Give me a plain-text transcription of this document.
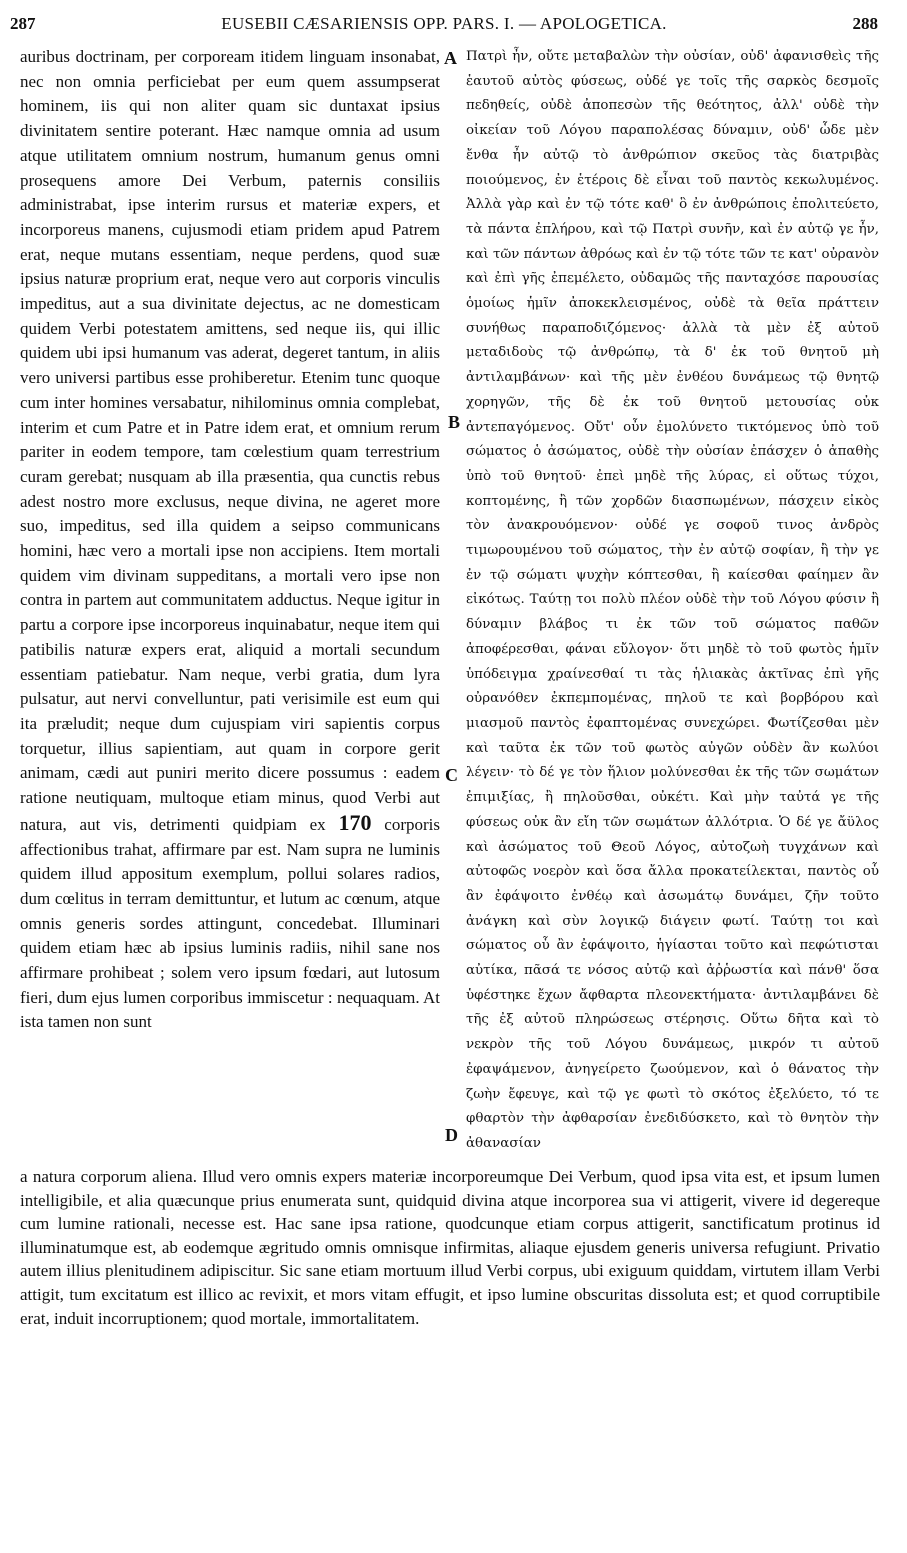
287	EUSEBII CÆSARIENSIS OPP. PARS. I. — APOLOGETICA.	288
auribus doctrinam, per corpoream itidem linguam insonabat, nec non omnia perficiebat per eum quem assumpserat hominem, iis qui non aliter quam sic duntaxat ipsius divinitatem sentire poterant. Hæc namque omnia ad usum atque utilitatem omnium nostrum, humanum genus omni prosequens amore Dei Verbum, paternis consiliis administrabat, ipse interim rursus et materiæ expers, et incorporeus manens, cujusmodi etiam pridem apud Patrem erat, neque mutans essentiam, neque perdens, quod suæ ipsius naturæ proprium erat, neque vero aut corporis vinculis impeditus, aut a sua divinitate dejectus, ac ne domesticam quidem Verbi potestatem amittens, sed neque iis, qui illic quidem ubi ipsi humanum vas aderat, degeret tantum, in aliis vero universi partibus esse prohiberetur. Etenim tunc quoque cum inter homines versabatur, nihilominus omnia complebat, interim et cum Patre et in Patre idem erat, et omnium rerum pariter in eodem tempore, tam cœlestium quam terrestrium curam gerebat; nusquam ab illa præsentia, qua cunctis rebus adest nostro more exclusus, neque divina, ne ageret more suo, impeditus, sed illa quidem a seipso communicans homini, hæc vero a mortali ipse non accipiens. Item mortali quidem vim divinam suppeditans, a mortali vero ipse non contra in partem aut communitatem adductus. Neque igitur in partu a corpore ipse incorporeus inquinabatur, neque item qui patibilis naturæ expers erat, aliquid a mortali secundum essentiam patiebatur. Nam neque, verbi gratia, dum lyra pulsatur, aut nervi convelluntur, pati verisimile est eum qui ita præludit; neque dum cujuspiam viri sapientis corpus torquetur, illius sapientiam, aut quam in corpore gerit animam, cædi aut puniri merito dicere possumus : eadem ratione neutiquam, multoque etiam minus, quod Verbi aut natura, aut vis, detrimenti quidpiam ex 170 corporis affectionibus trahat, affirmare par est. Nam supra ne luminis quidem illud appositum exemplum, pollui solares radios, dum cœlitus in terram demittuntur, et lutum ac cœnum, atque omnis generis sordes attingunt, concedebat. Illuminari quidem etiam hæc ab ipsius luminis radiis, nihil sane nos affirmare prohibeat ; solem vero ipsum fœdari, aut lutosum fieri, dum ejus lumen corporibus immiscetur : nequaquam. At ista tamen non sunt
A
B
C
D
Πατρὶ ἦν, οὔτε μεταβαλὼν τὴν οὐσίαν, οὐδ' ἀφανισθεὶς τῆς ἑαυτοῦ αὐτὸς φύσεως, οὐδέ γε τοῖς τῆς σαρκὸς δεσμοῖς πεδηθείς, οὐδὲ ἀποπεσὼν τῆς θεότητος, ἀλλ' οὐδὲ τὴν οἰκείαν τοῦ Λόγου παραπολέσας δύναμιν, οὐδ' ὧδε μὲν ἔνθα ἦν αὐτῷ τὸ ἀνθρώπιον σκεῦος τὰς διατριβὰς ποιούμενος, ἐν ἑτέροις δὲ εἶναι τοῦ παντὸς κεκωλυμένος. Ἀλλὰ γὰρ καὶ ἐν τῷ τότε καθ' ὃ ἐν ἀνθρώποις ἐπολιτεύετο, τὰ πάντα ἐπλήρου, καὶ τῷ Πατρὶ συνῆν, καὶ ἐν αὐτῷ γε ἦν, καὶ τῶν πάντων ἀθρόως καὶ ἐν τῷ τότε τῶν τε κατ' οὐρανὸν καὶ ἐπὶ γῆς ἐπεμέλετο, οὐδαμῶς τῆς πανταχόσε παρουσίας ὁμοίως ἡμῖν ἀποκεκλεισμένος, οὐδὲ τὰ θεῖα πράττειν συνήθως παραποδιζόμενος· ἀλλὰ τὰ μὲν ἐξ αὐτοῦ μεταδιδοὺς τῷ ἀνθρώπῳ, τὰ δ' ἐκ τοῦ θνητοῦ μὴ ἀντιλαμβάνων· καὶ τῆς μὲν ἐνθέου δυνάμεως τῷ θνητῷ χορηγῶν, τῆς δὲ ἐκ τοῦ θνητοῦ μετουσίας οὐκ ἀντεπαγόμενος. Οὔτ' οὖν ἐμολύνετο τικτόμενος ὑπὸ τοῦ σώματος ὁ ἀσώματος, οὐδὲ τὴν οὐσίαν ἐπάσχεν ὁ ἀπαθὴς ὑπὸ τοῦ θνητοῦ· ἐπεὶ μηδὲ τῆς λύρας, εἰ οὕτως τύχοι, κοπτομένης, ἢ τῶν χορδῶν διασπωμένων, πάσχειν εἰκὸς τὸν ἀνακρουόμενον· οὐδέ γε σοφοῦ τινος ἀνδρὸς τιμωρουμένου τοῦ σώματος, τὴν ἐν αὐτῷ σοφίαν, ἢ τὴν γε ἐν τῷ σώματι ψυχὴν κόπτεσθαι, ἢ καίεσθαι φαίημεν ἂν εἰκότως. Ταύτῃ τοι πολὺ πλέον οὐδὲ τὴν τοῦ Λόγου φύσιν ἢ δύναμιν βλάβος τι ἐκ τῶν τοῦ σώματος παθῶν ἀποφέρεσθαι, φάναι εὔλογον· ὅτι μηδὲ τὸ τοῦ φωτὸς ἡμῖν ὑπόδειγμα χραίνεσθαί τι τὰς ἡλιακὰς ἀκτῖνας ἐπὶ γῆς οὐρανόθεν ἐκπεμπομένας, πηλοῦ τε καὶ βορβόρου καὶ μιασμοῦ παντὸς ἐφαπτομένας συνεχώρει. Φωτίζεσθαι μὲν καὶ ταῦτα ἐκ τῶν τοῦ φωτὸς αὐγῶν οὐδὲν ἂν κωλύοι λέγειν· τὸ δέ γε τὸν ἥλιον μολύνεσθαι ἐκ τῆς τῶν σωμάτων ἐπιμιξίας, ἢ πηλοῦσθαι, οὐκέτι. Καὶ μὴν ταὐτά γε τῆς φύσεως οὐκ ἂν εἴη τῶν σωμάτων ἀλλότρια. Ὁ δέ γε ἄϋλος καὶ ἀσώματος τοῦ Θεοῦ Λόγος, αὐτοζωὴ τυγχάνων καὶ αὐτοφῶς νοερὸν καὶ ὅσα ἄλλα προκατείλεκται, παντὸς οὗ ἂν ἐφάψοιτο ἐνθέῳ καὶ ἀσωμάτῳ δυνάμει, ζῆν τοῦτο ἀνάγκη καὶ σὺν λογικῷ διάγειν φωτί. Ταύτῃ τοι καὶ σώματος οὗ ἂν ἐφάψοιτο, ἡγίασται τοῦτο καὶ πεφώτισται αὐτίκα, πᾶσά τε νόσος αὐτῷ καὶ ἀῤῥωστία καὶ πάνθ' ὅσα ὑφέστηκε ἔχων ἄφθαρτα πλεονεκτήματα· ἀντιλαμβάνει δὲ τῆς ἐξ αὐτοῦ πληρώσεως στέρησις. Οὕτω δῆτα καὶ τὸ νεκρὸν τῆς τοῦ Λόγου δυνάμεως, μικρόν τι αὐτοῦ ἐφαψάμενον, ἀνηγείρετο ζωούμενον, καὶ ὁ θάνατος τὴν ζωὴν ἔφευγε, καὶ τῷ γε φωτὶ τὸ σκότος ἐξελύετο, τό τε φθαρτὸν τὴν ἀφθαρσίαν ἐνεδιδύσκετο, καὶ τὸ θνητὸν τὴν ἀθανασίαν
a natura corporum aliena. Illud vero omnis expers materiæ incorporeumque Dei Verbum, quod ipsa vita est, et ipsum lumen intelligibile, et alia quæcunque prius enumerata sunt, quidquid divina atque incorporea sua vi attigerit, vivere id degereque cum lumine rationali, necesse est. Hac sane ipsa ratione, quodcunque etiam corpus attigerit, sanctificatum protinus id illuminatumque est, ab eodemque ægritudo omnis omnisque infirmitas, aliaque ejusdem generis universa refugiunt. Privatio autem illius plenitudinem adipiscitur. Sic sane etiam mortuum illud Verbi corpus, ubi exiguum quiddam, virtutem illam Verbi attigit, tum excitatum est illico ac revixit, et mors vitam effugit, et ipso lumine obscuritas dissoluta est; et quod corruptibile erat, induit incorruptionem; quod mortale, immortalitatem.
